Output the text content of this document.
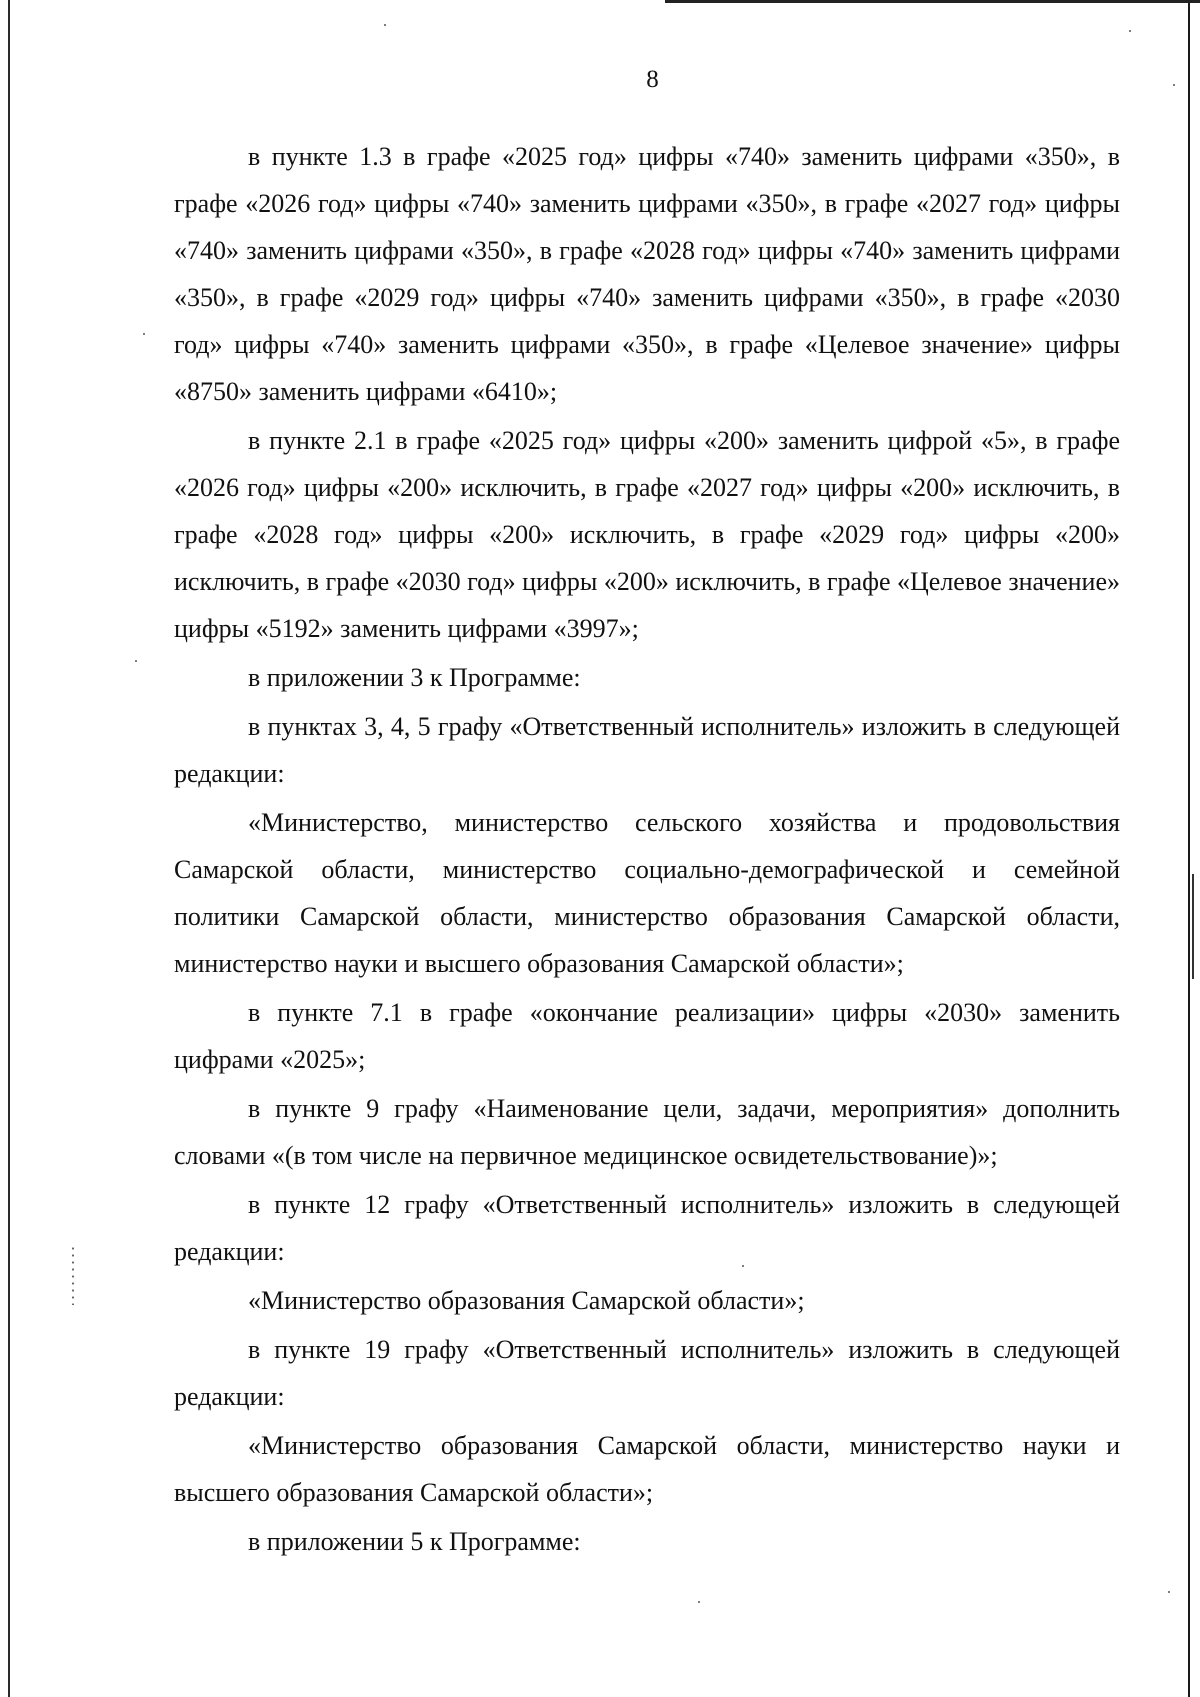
8

в пункте 1.3 в графе «2025 год» цифры «740» заменить цифрами «350», в графе «2026 год» цифры «740» заменить цифрами «350», в графе «2027 год» цифры «740» заменить цифрами «350», в графе «2028 год» цифры «740» заменить цифрами «350», в графе «2029 год» цифры «740» заменить цифрами «350», в графе «2030 год» цифры «740» заменить цифрами «350», в графе «Целевое значение» цифры «8750» заменить цифрами «6410»;

в пункте 2.1 в графе «2025 год» цифры «200» заменить цифрой «5», в графе «2026 год» цифры «200» исключить, в графе «2027 год» цифры «200» исключить, в графе «2028 год» цифры «200» исключить, в графе «2029 год» цифры «200» исключить, в графе «2030 год» цифры «200» исключить, в графе «Целевое значение» цифры «5192» заменить цифрами «3997»;

в приложении 3 к Программе:

в пунктах 3, 4, 5 графу «Ответственный исполнитель» изложить в следующей редакции:

«Министерство, министерство сельского хозяйства и продовольствия Самарской области, министерство социально-демографической и семейной политики Самарской области, министерство образования Самарской области, министерство науки и высшего образования Самарской области»;

в пункте 7.1 в графе «окончание реализации» цифры «2030» заменить цифрами «2025»;

в пункте 9 графу «Наименование цели, задачи, мероприятия» дополнить словами «(в том числе на первичное медицинское освидетельствование)»;

в пункте 12 графу «Ответственный исполнитель» изложить в следующей редакции:

«Министерство образования Самарской области»;

в пункте 19 графу «Ответственный исполнитель» изложить в следующей редакции:

«Министерство образования Самарской области, министерство науки и высшего образования Самарской области»;

в приложении 5 к Программе:
